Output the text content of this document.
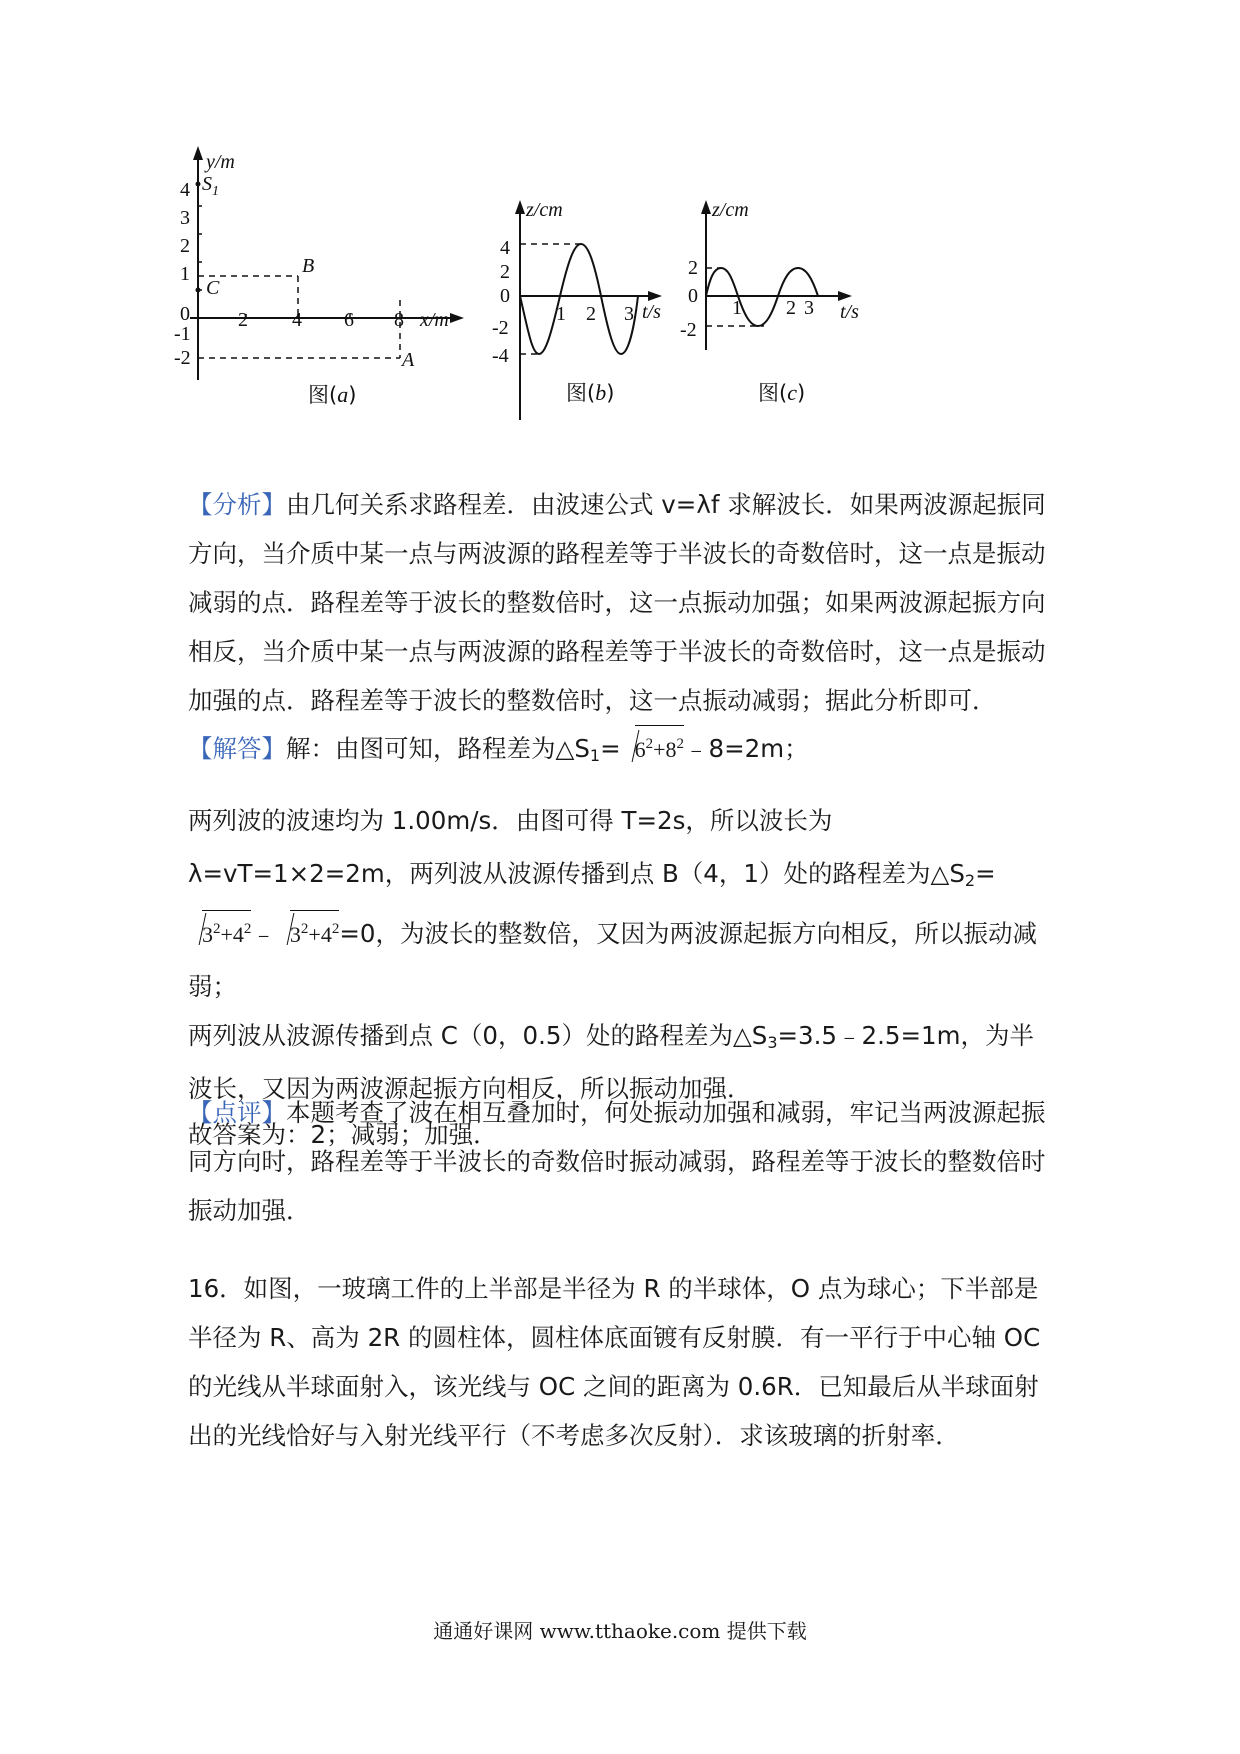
y/m
x/m
4
3
2
1
0
-1
-2
2 4 6 8
$S_1$
C
B
A
图(a)
z/cm
t/s
4
2
0
-2
-4
1 2 3
图(b)
z/cm
t/s
2
0
-2
1 2 3
图(c)

【分析】由几何关系求路程差．由波速公式 v=λf 求解波长．如果两波源起振同方向，当介质中某一点与两波源的路程差等于半波长的奇数倍时，这一点是振动减弱的点．路程差等于波长的整数倍时，这一点振动加强；如果两波源起振方向相反，当介质中某一点与两波源的路程差等于半波长的奇数倍时，这一点是振动加强的点．路程差等于波长的整数倍时，这一点振动减弱；据此分析即可．

【解答】解：由图可知，路程差为$\triangle S_1=$ $6^2+8^2﹣8=2m$；

两列波的波速均为 1.00m/s．由图可得 T=2s，所以波长为 λ=vT=1×2=2m，两列波从波源传播到点 B（4，1）处的路程差为$\triangle S_2=3^2+4^2﹣$ $3^2+4^2=0$，为波长的整数倍，又因为两波源起振方向相反，所以振动减弱；

两列波从波源传播到点 C（0，0.5）处的路程差为$\triangle S_3=3.5﹣2.5=1m$，为半波长，又因为两波源起振方向相反，所以振动加强．

故答案为：2；减弱；加强．

【点评】本题考查了波在相互叠加时，何处振动加强和减弱，牢记当两波源起振同方向时，路程差等于半波长的奇数倍时振动减弱，路程差等于波长的整数倍时振动加强．

16．如图，一玻璃工件的上半部是半径为 R 的半球体，O 点为球心；下半部是半径为 R、高为 2R 的圆柱体，圆柱体底面镀有反射膜．有一平行于中心轴 OC 的光线从半球面射入，该光线与 OC 之间的距离为 0.6R．已知最后从半球面射出的光线恰好与入射光线平行（不考虑多次反射）．求该玻璃的折射率．

通通好课网 www.tthaoke.com 提供下载
